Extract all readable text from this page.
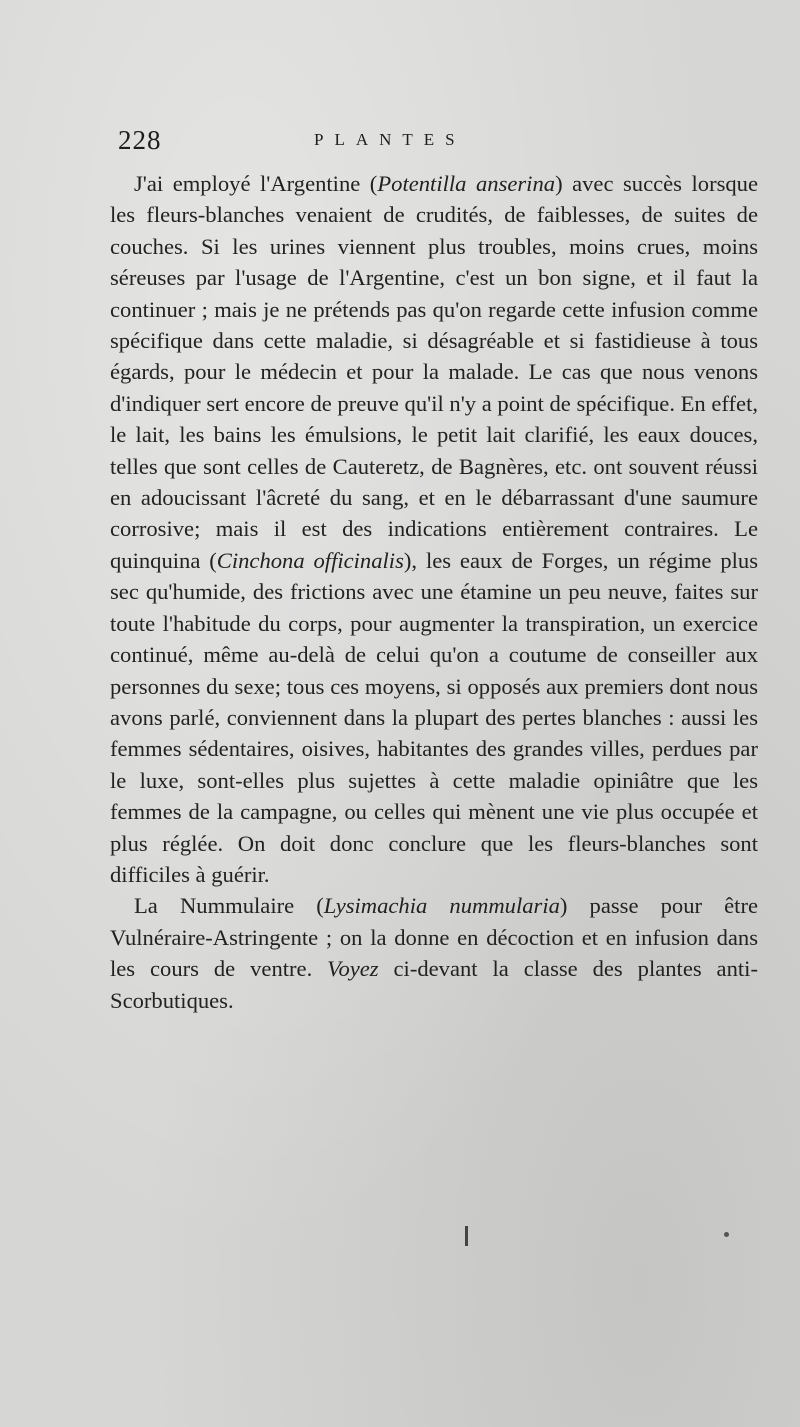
228	PLANTES

J'ai employé l'Argentine (Potentilla anserina) avec succès lorsque les fleurs-blanches venaient de crudités, de faiblesses, de suites de couches. Si les urines viennent plus troubles, moins crues, moins séreuses par l'usage de l'Argentine, c'est un bon signe, et il faut la continuer ; mais je ne prétends pas qu'on regarde cette infusion comme spécifique dans cette maladie, si désagréable et si fastidieuse à tous égards, pour le médecin et pour la malade. Le cas que nous venons d'indiquer sert encore de preuve qu'il n'y a point de spécifique. En effet, le lait, les bains les émulsions, le petit lait clarifié, les eaux douces, telles que sont celles de Cauteretz, de Bagnères, etc. ont souvent réussi en adoucissant l'âcreté du sang, et en le débarrassant d'une saumure corrosive; mais il est des indications entièrement contraires. Le quinquina (Cinchona officinalis), les eaux de Forges, un régime plus sec qu'humide, des frictions avec une étamine un peu neuve, faites sur toute l'habitude du corps, pour augmenter la transpiration, un exercice continué, même au-delà de celui qu'on a coutume de conseiller aux personnes du sexe; tous ces moyens, si opposés aux premiers dont nous avons parlé, conviennent dans la plupart des pertes blanches : aussi les femmes sédentaires, oisives, habitantes des grandes villes, perdues par le luxe, sont-elles plus sujettes à cette maladie opiniâtre que les femmes de la campagne, ou celles qui mènent une vie plus occupée et plus réglée. On doit donc conclure que les fleurs-blanches sont difficiles à guérir.

La Nummulaire (Lysimachia nummularia) passe pour être Vulnéraire-Astringente ; on la donne en décoction et en infusion dans les cours de ventre. Voyez ci-devant la classe des plantes anti-Scorbutiques.
